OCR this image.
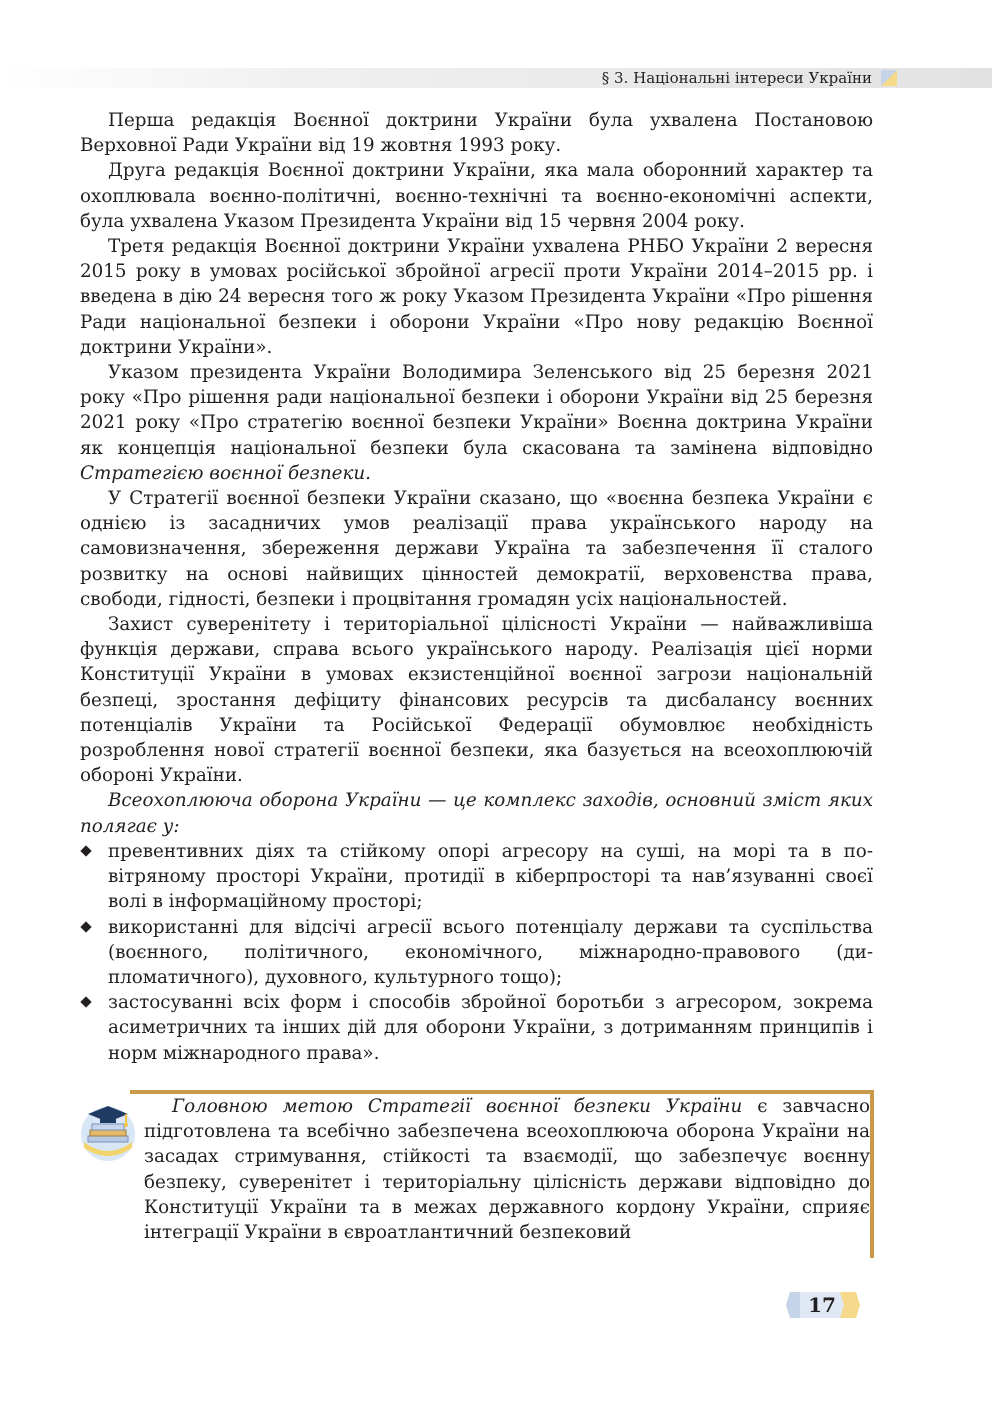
§ 3. Національні інтереси України

Перша редакція Воєнної доктрини України була ухвалена Постановою Верховної Ради України від 19 жовтня 1993 року.

Друга редакція Воєнної доктрини України, яка мала оборонний характер та охоплювала воєнно-політичні, воєнно-технічні та воєнно-економічні аспекти, була ухвалена Указом Президента України від 15 червня 2004 року.

Третя редакція Воєнної доктрини України ухвалена РНБО України 2 вересня 2015 року в умовах російської збройної агресії проти України 2014–2015 рр. і введена в дію 24 вересня того ж року Указом Президента України «Про рішення Ради національної безпеки і оборони України «Про нову редакцію Воєнної доктрини України».

Указом президента України Володимира Зеленського від 25 березня 2021 року «Про рішення ради національної безпеки і оборони України від 25 березня 2021 року «Про стратегію воєнної безпеки України» Воєнна доктрина України як концепція національної безпеки була скасована та замінена відповідно Стратегією воєнної безпеки.

У Стратегії воєнної безпеки України сказано, що «воєнна безпека України є однією із засадничих умов реалізації права українського народу на самовизначення, збереження держави Україна та забезпечення її сталого розвитку на основі найвищих цінностей демократії, верховенства права, свободи, гідності, безпеки і процвітання громадян усіх національностей.

Захист суверенітету і територіальної цілісності України — найважливіша функція держави, справа всього українського народу. Реалізація цієї норми Конституції України в умовах екзистенційної воєнної загрози національній безпеці, зростання дефіциту фінансових ресурсів та дисбалансу воєнних потенціалів України та Російської Федерації обумовлює необхідність розроблення нової стратегії воєнної безпеки, яка базується на всеохоплюючій обороні України.

Всеохоплююча оборона України — це комплекс заходів, основний зміст яких полягає у:

превентивних діях та стійкому опорі агресору на суші, на морі та в повітряному просторі України, протидії в кіберпросторі та нав’язуванні своєї волі в інформаційному просторі;
використанні для відсічі агресії всього потенціалу держави та суспільства (воєнного, політичного, економічного, міжнародно-правового (дипломатичного), духовного, культурного тощо);
застосуванні всіх форм і способів збройної боротьби з агресором, зокрема асиметричних та інших дій для оборони України, з дотриманням принципів і норм міжнародного права».

Головною метою Стратегії воєнної безпеки України є завчасно підготовлена та всебічно забезпечена всеохоплююча оборона України на засадах стримування, стійкості та взаємодії, що забезпечує воєнну безпеку, суверенітет і територіальну цілісність держави відповідно до Конституції України та в межах державного кордону України, сприяє інтеграції України в євроатлантичний безпековий

17
